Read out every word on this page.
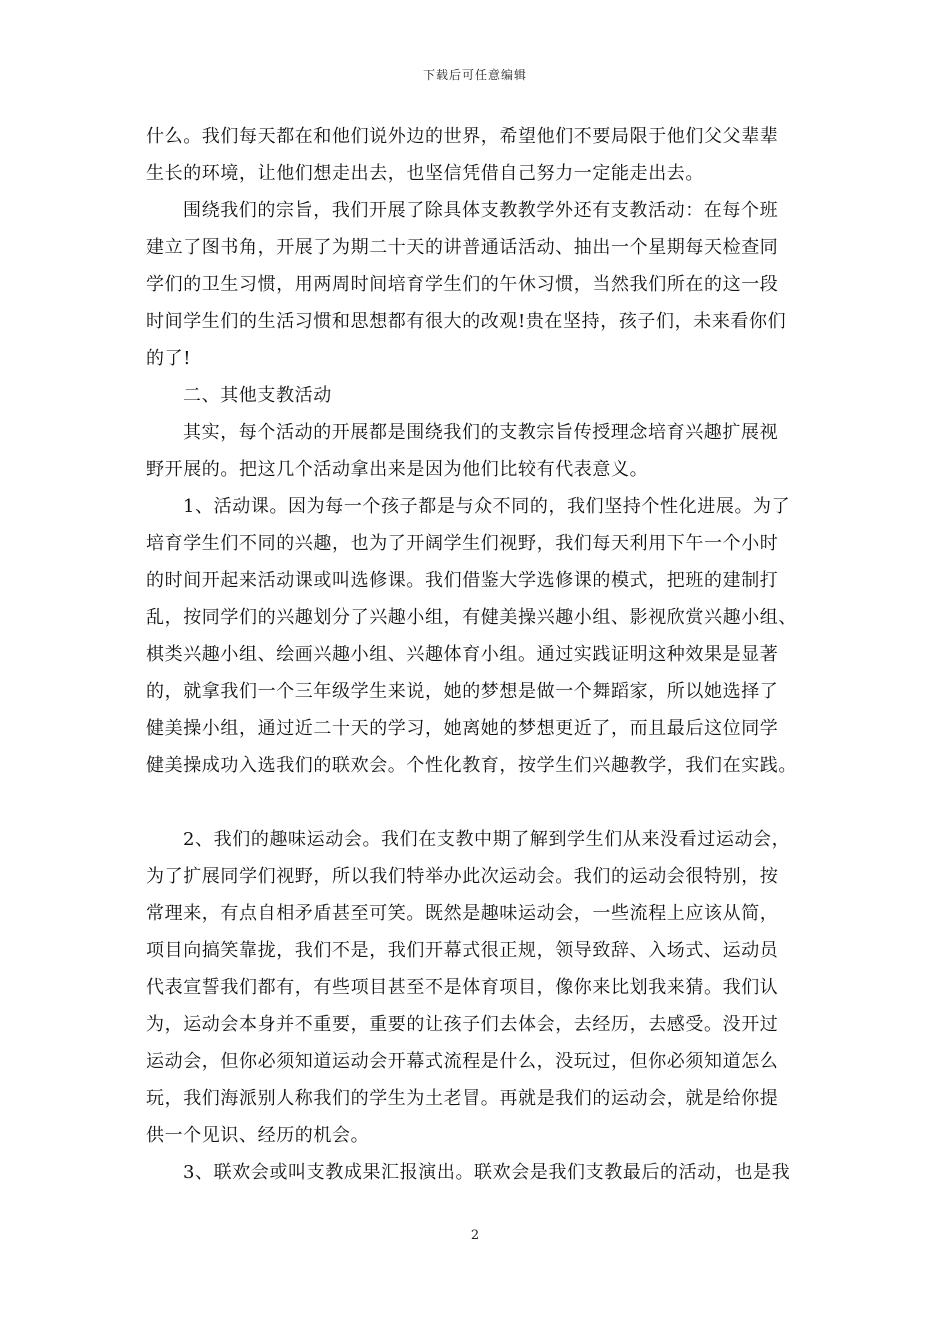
下载后可任意编辑
什么。我们每天都在和他们说外边的世界，希望他们不要局限于他们父父辈辈
生长的环境，让他们想走出去，也坚信凭借自己努力一定能走出去。
围绕我们的宗旨，我们开展了除具体支教教学外还有支教活动：在每个班
建立了图书角，开展了为期二十天的讲普通话活动、抽出一个星期每天检查同
学们的卫生习惯，用两周时间培育学生们的午休习惯，当然我们所在的这一段
时间学生们的生活习惯和思想都有很大的改观!贵在坚持，孩子们，未来看你们
的了!
二、其他支教活动
其实，每个活动的开展都是围绕我们的支教宗旨传授理念培育兴趣扩展视
野开展的。把这几个活动拿出来是因为他们比较有代表意义。
1、活动课。因为每一个孩子都是与众不同的，我们坚持个性化进展。为了
培育学生们不同的兴趣，也为了开阔学生们视野，我们每天利用下午一个小时
的时间开起来活动课或叫选修课。我们借鉴大学选修课的模式，把班的建制打
乱，按同学们的兴趣划分了兴趣小组，有健美操兴趣小组、影视欣赏兴趣小组、
棋类兴趣小组、绘画兴趣小组、兴趣体育小组。通过实践证明这种效果是显著
的，就拿我们一个三年级学生来说，她的梦想是做一个舞蹈家，所以她选择了
健美操小组，通过近二十天的学习，她离她的梦想更近了，而且最后这位同学
健美操成功入选我们的联欢会。个性化教育，按学生们兴趣教学，我们在实践。
2、我们的趣味运动会。我们在支教中期了解到学生们从来没看过运动会，
为了扩展同学们视野，所以我们特举办此次运动会。我们的运动会很特别，按
常理来，有点自相矛盾甚至可笑。既然是趣味运动会，一些流程上应该从简，
项目向搞笑靠拢，我们不是，我们开幕式很正规，领导致辞、入场式、运动员
代表宣誓我们都有，有些项目甚至不是体育项目，像你来比划我来猜。我们认
为，运动会本身并不重要，重要的让孩子们去体会，去经历，去感受。没开过
运动会，但你必须知道运动会开幕式流程是什么，没玩过，但你必须知道怎么
玩，我们海派别人称我们的学生为土老冒。再就是我们的运动会，就是给你提
供一个见识、经历的机会。
3、联欢会或叫支教成果汇报演出。联欢会是我们支教最后的活动，也是我
2
